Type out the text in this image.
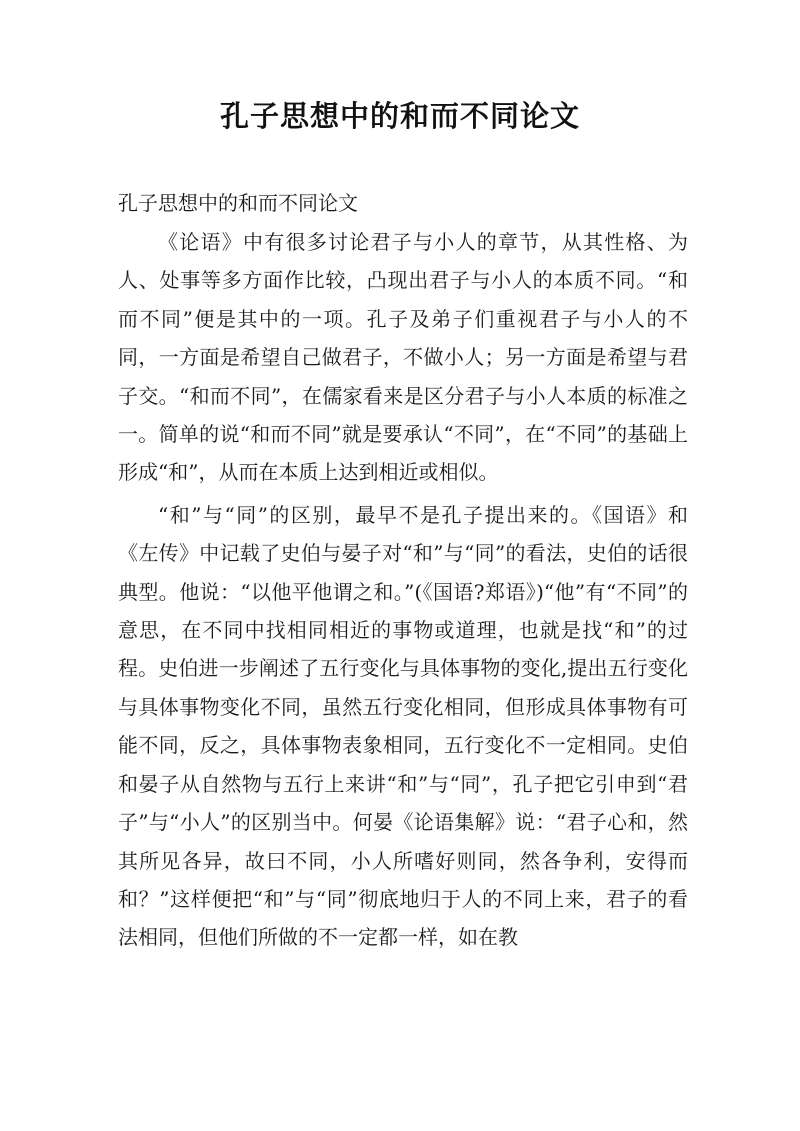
孔子思想中的和而不同论文

孔子思想中的和而不同论文

《论语》中有很多讨论君子与小人的章节，从其性格、为人、处事等多方面作比较，凸现出君子与小人的本质不同。“和而不同”便是其中的一项。孔子及弟子们重视君子与小人的不同，一方面是希望自己做君子，不做小人；另一方面是希望与君子交。“和而不同”，在儒家看来是区分君子与小人本质的标准之一。简单的说“和而不同”就是要承认“不同”，在“不同”的基础上形成“和”，从而在本质上达到相近或相似。

“和”与“同”的区别，最早不是孔子提出来的。《国语》和《左传》中记载了史伯与晏子对“和”与“同”的看法，史伯的话很典型。他说：“以他平他谓之和。”(《国语?郑语》)“他”有“不同”的意思，在不同中找相同相近的事物或道理，也就是找“和”的过程。史伯进一步阐述了五行变化与具体事物的变化,提出五行变化与具体事物变化不同，虽然五行变化相同，但形成具体事物有可能不同，反之，具体事物表象相同，五行变化不一定相同。史伯和晏子从自然物与五行上来讲“和”与“同”，孔子把它引申到“君子”与“小人”的区别当中。何晏《论语集解》说：“君子心和，然其所见各异，故曰不同，小人所嗜好则同，然各争利，安得而和？”这样便把“和”与“同”彻底地归于人的不同上来，君子的看法相同，但他们所做的不一定都一样，如在教
